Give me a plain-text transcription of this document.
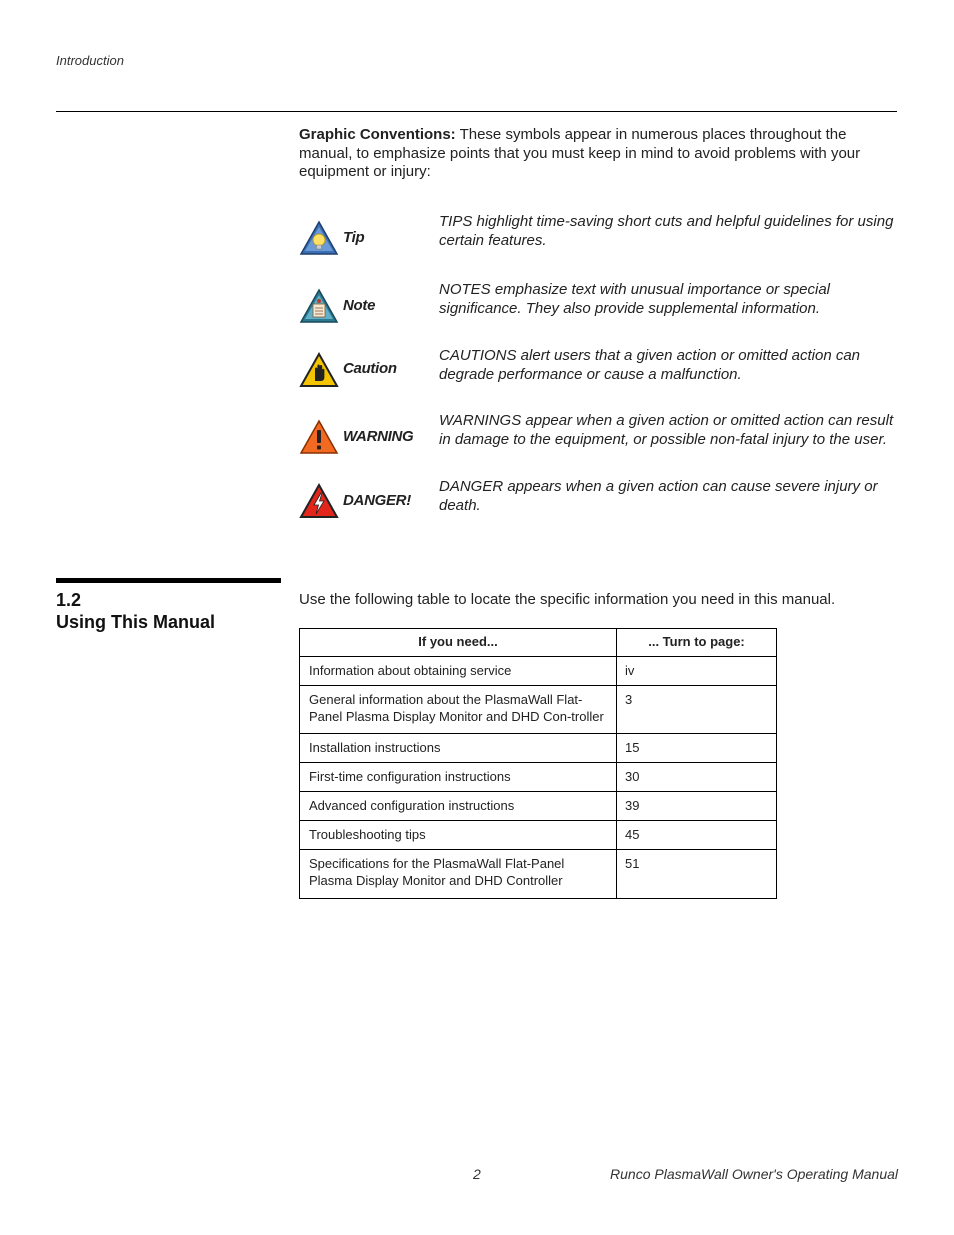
Introduction
Graphic Conventions: These symbols appear in numerous places throughout the manual, to emphasize points that you must keep in mind to avoid problems with your equipment or injury:
Tip
TIPS highlight time-saving short cuts and helpful guidelines for using certain features.
Note
NOTES emphasize text with unusual importance or special significance. They also provide supplemental information.
Caution
CAUTIONS alert users that a given action or omitted action can degrade performance or cause a malfunction.
WARNING
WARNINGS appear when a given action or omitted action can result in damage to the equipment, or possible non-fatal injury to the user.
DANGER!
DANGER appears when a given action can cause severe injury or death.
1.2
Using This Manual
Use the following table to locate the specific information you need in this manual.
If you need...	... Turn to page:
Information about obtaining service	iv
General information about the PlasmaWall Flat-Panel Plasma Display Monitor and DHD Con-troller	3
Installation instructions	15
First-time configuration instructions	30
Advanced configuration instructions	39
Troubleshooting tips	45
Specifications for the PlasmaWall Flat-Panel Plasma Display Monitor and DHD Controller	51
2	Runco PlasmaWall Owner's Operating Manual
